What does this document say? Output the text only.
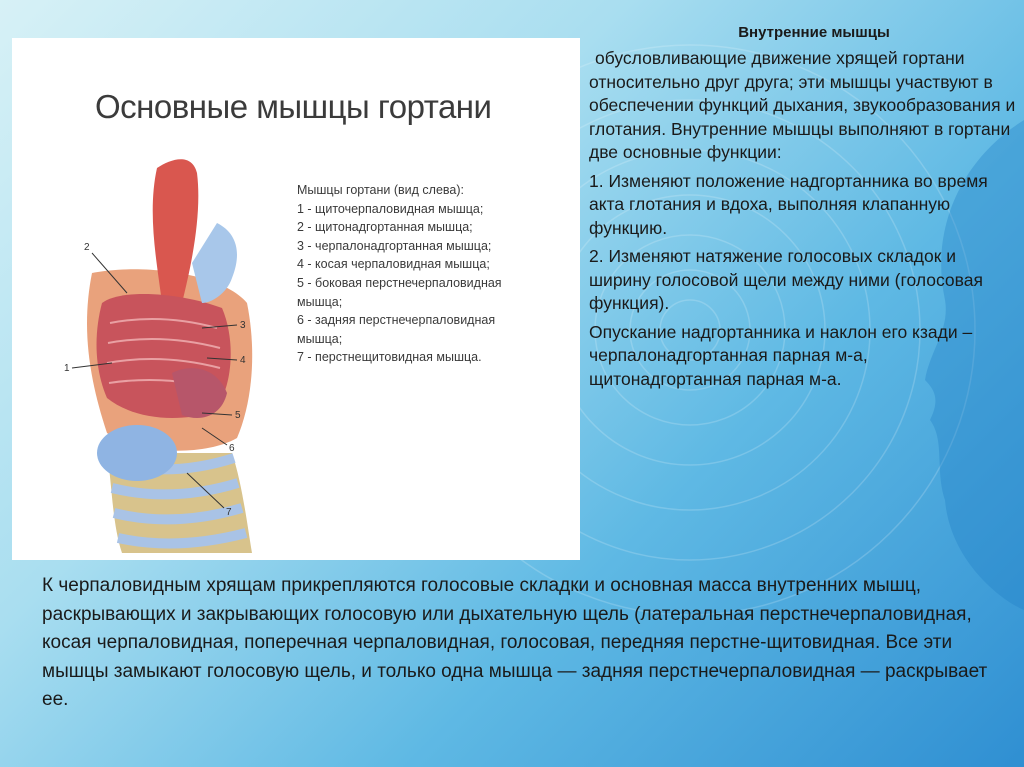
Основные мышцы гортани
1
2
3
4
5
6
7
Мышцы гортани (вид слева):
1 - щиточерпаловидная мышца;
2 - щитонадгортанная мышца;
3 - черпалонадгортанная мышца;
4 - косая черпаловидная мышца;
5 - боковая перстнечерпаловидная
мышца;
6 - задняя перстнечерпаловидная
мышца;
7 - перстнещитовидная мышца.
Внутренние мышцы

обусловливающие движение хрящей гортани относительно друг друга; эти мышцы участвуют в обеспечении функций дыхания, звукообразования и глотания. Внутренние мышцы выполняют в гортани две основные функции:

1. Изменяют положение надгортанника во время акта глотания и вдоха, выполняя клапанную функцию.

2. Изменяют натяжение голосовых складок и ширину голосовой щели между ними (голосовая функция).

Опускание надгортанника и наклон его кзади – черпалонадгортанная парная м-а, щитонадгортанная парная м-а.

К черпаловидным хрящам прикрепляются голосовые складки и основная масса внутренних мышц, раскрывающих и закрывающих голосовую или дыхательную щель (латеральная перстнечерпаловидная, косая черпаловидная, поперечная черпаловидная, голосовая, передняя перстне-щитовидная. Все эти мышцы замыкают голосовую щель, и только одна мышца — задняя перстнечерпаловидная — раскрывает ее.
